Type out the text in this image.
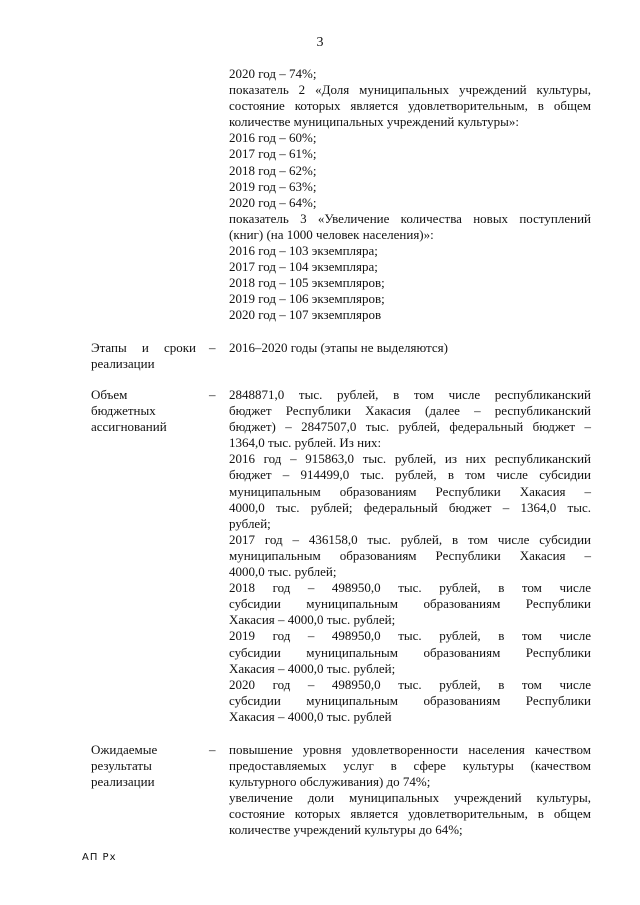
3
2020 год – 74%;
показатель 2 «Доля муниципальных учреждений культуры,
состояние которых является удовлетворительным, в общем
количестве муниципальных учреждений культуры»:
2016 год – 60%;
2017 год – 61%;
2018 год – 62%;
2019 год – 63%;
2020 год – 64%;
показатель 3 «Увеличение количества новых поступлений
(книг) (на 1000 человек населения)»:
2016 год – 103 экземпляра;
2017 год – 104 экземпляра;
2018 год – 105 экземпляров;
2019 год – 106 экземпляров;
2020 год – 107 экземпляров
Этапы и сроки
реализации
– 2016–2020 годы (этапы не выделяются)
Объем
бюджетных
ассигнований
– 2848871,0 тыс. рублей, в том числе республиканский
бюджет Республики Хакасия (далее – республиканский
бюджет) – 2847507,0 тыс. рублей, федеральный бюджет –
1364,0 тыс. рублей. Из них:
2016 год – 915863,0 тыс. рублей, из них республиканский
бюджет – 914499,0 тыс. рублей, в том числе субсидии
муниципальным образованиям Республики Хакасия –
4000,0 тыс. рублей; федеральный бюджет – 1364,0 тыс.
рублей;
2017 год – 436158,0 тыс. рублей, в том числе субсидии
муниципальным образованиям Республики Хакасия –
4000,0 тыс. рублей;
2018 год – 498950,0 тыс. рублей, в том числе
субсидии муниципальным образованиям Республики
Хакасия – 4000,0 тыс. рублей;
2019 год – 498950,0 тыс. рублей, в том числе
субсидии муниципальным образованиям Республики
Хакасия – 4000,0 тыс. рублей;
2020 год – 498950,0 тыс. рублей, в том числе
субсидии муниципальным образованиям Республики
Хакасия – 4000,0 тыс. рублей
Ожидаемые
результаты
реализации
– повышение уровня удовлетворенности населения качеством
предоставляемых услуг в сфере культуры (качеством
культурного обслуживания) до 74%;
увеличение доли муниципальных учреждений культуры,
состояние которых является удовлетворительным, в общем
количестве учреждений культуры до 64%;
АП Рх
